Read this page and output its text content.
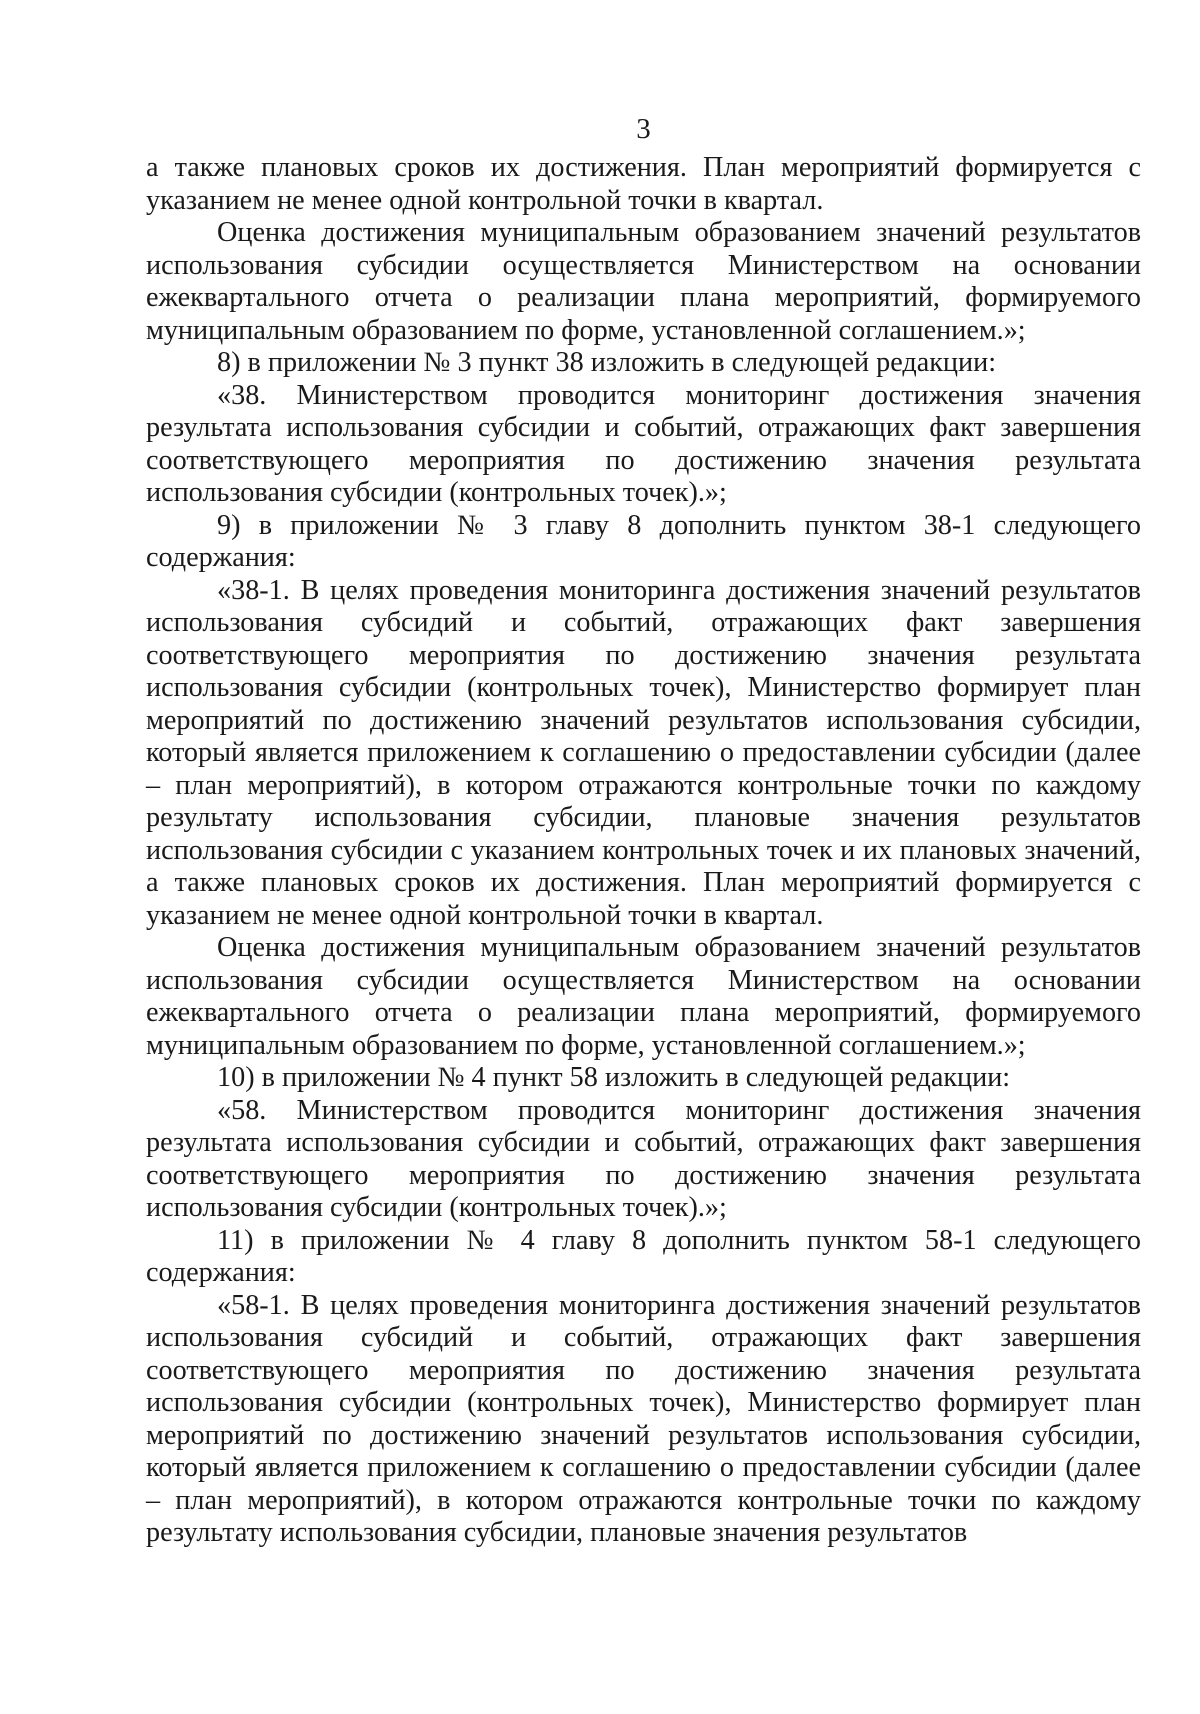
3

а также плановых сроков их достижения. План мероприятий формируется с указанием не менее одной контрольной точки в квартал.

Оценка достижения муниципальным образованием значений результатов использования субсидии осуществляется Министерством на основании ежеквартального отчета о реализации плана мероприятий, формируемого муниципальным образованием по форме, установленной соглашением.»;

8) в приложении № 3 пункт 38 изложить в следующей редакции:

«38. Министерством проводится мониторинг достижения значения результата использования субсидии и событий, отражающих факт завершения соответствующего мероприятия по достижению значения результата использования субсидии (контрольных точек).»;

9) в приложении № 3 главу 8 дополнить пунктом 38-1 следующего содержания:

«38-1. В целях проведения мониторинга достижения значений результатов использования субсидий и событий, отражающих факт завершения соответствующего мероприятия по достижению значения результата использования субсидии (контрольных точек), Министерство формирует план мероприятий по достижению значений результатов использования субсидии, который является приложением к соглашению о предоставлении субсидии (далее – план мероприятий), в котором отражаются контрольные точки по каждому результату использования субсидии, плановые значения результатов использования субсидии с указанием контрольных точек и их плановых значений, а также плановых сроков их достижения. План мероприятий формируется с указанием не менее одной контрольной точки в квартал.

Оценка достижения муниципальным образованием значений результатов использования субсидии осуществляется Министерством на основании ежеквартального отчета о реализации плана мероприятий, формируемого муниципальным образованием по форме, установленной соглашением.»;

10) в приложении № 4 пункт 58 изложить в следующей редакции:

«58. Министерством проводится мониторинг достижения значения результата использования субсидии и событий, отражающих факт завершения соответствующего мероприятия по достижению значения результата использования субсидии (контрольных точек).»;

11) в приложении № 4 главу 8 дополнить пунктом 58-1 следующего содержания:

«58-1. В целях проведения мониторинга достижения значений результатов использования субсидий и событий, отражающих факт завершения соответствующего мероприятия по достижению значения результата использования субсидии (контрольных точек), Министерство формирует план мероприятий по достижению значений результатов использования субсидии, который является приложением к соглашению о предоставлении субсидии (далее – план мероприятий), в котором отражаются контрольные точки по каждому результату использования субсидии, плановые значения результатов
